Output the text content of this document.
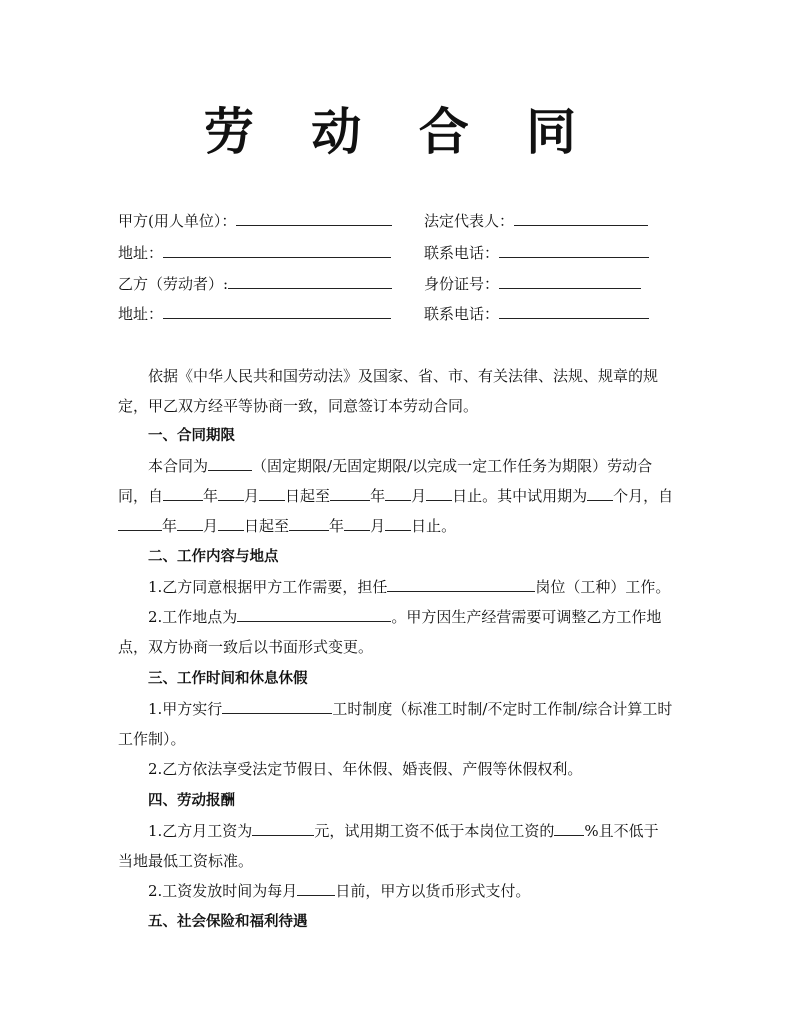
劳 动 合 同
甲方(用人单位）：	法定代表人：
地址：	联系电话：
乙方（劳动者）:	身份证号：
地址：	联系电话：
依据《中华人民共和国劳动法》及国家、省、市、有关法律、法规、规章的规
定，甲乙双方经平等协商一致，同意签订本劳动合同。
一、合同期限
本合同为	（固定期限/无固定期限/以完成一定工作任务为期限）劳动合
同，自	年 月 日起至	年 月 日止。其中试用期为 个月，自
年 月 日起至	年 月 日止。
二、工作内容与地点
1.乙方同意根据甲方工作需要，担任	岗位（工种）工作。
2.工作地点为	。甲方因生产经营需要可调整乙方工作地
点，双方协商一致后以书面形式变更。
三、工作时间和休息休假
1.甲方实行	工时制度（标准工时制/不定时工作制/综合计算工时
工作制）。
2.乙方依法享受法定节假日、年休假、婚丧假、产假等休假权利。
四、劳动报酬
1.乙方月工资为	元，试用期工资不低于本岗位工资的 %且不低于
当地最低工资标准。
2.工资发放时间为每月	日前，甲方以货币形式支付。
五、社会保险和福利待遇
